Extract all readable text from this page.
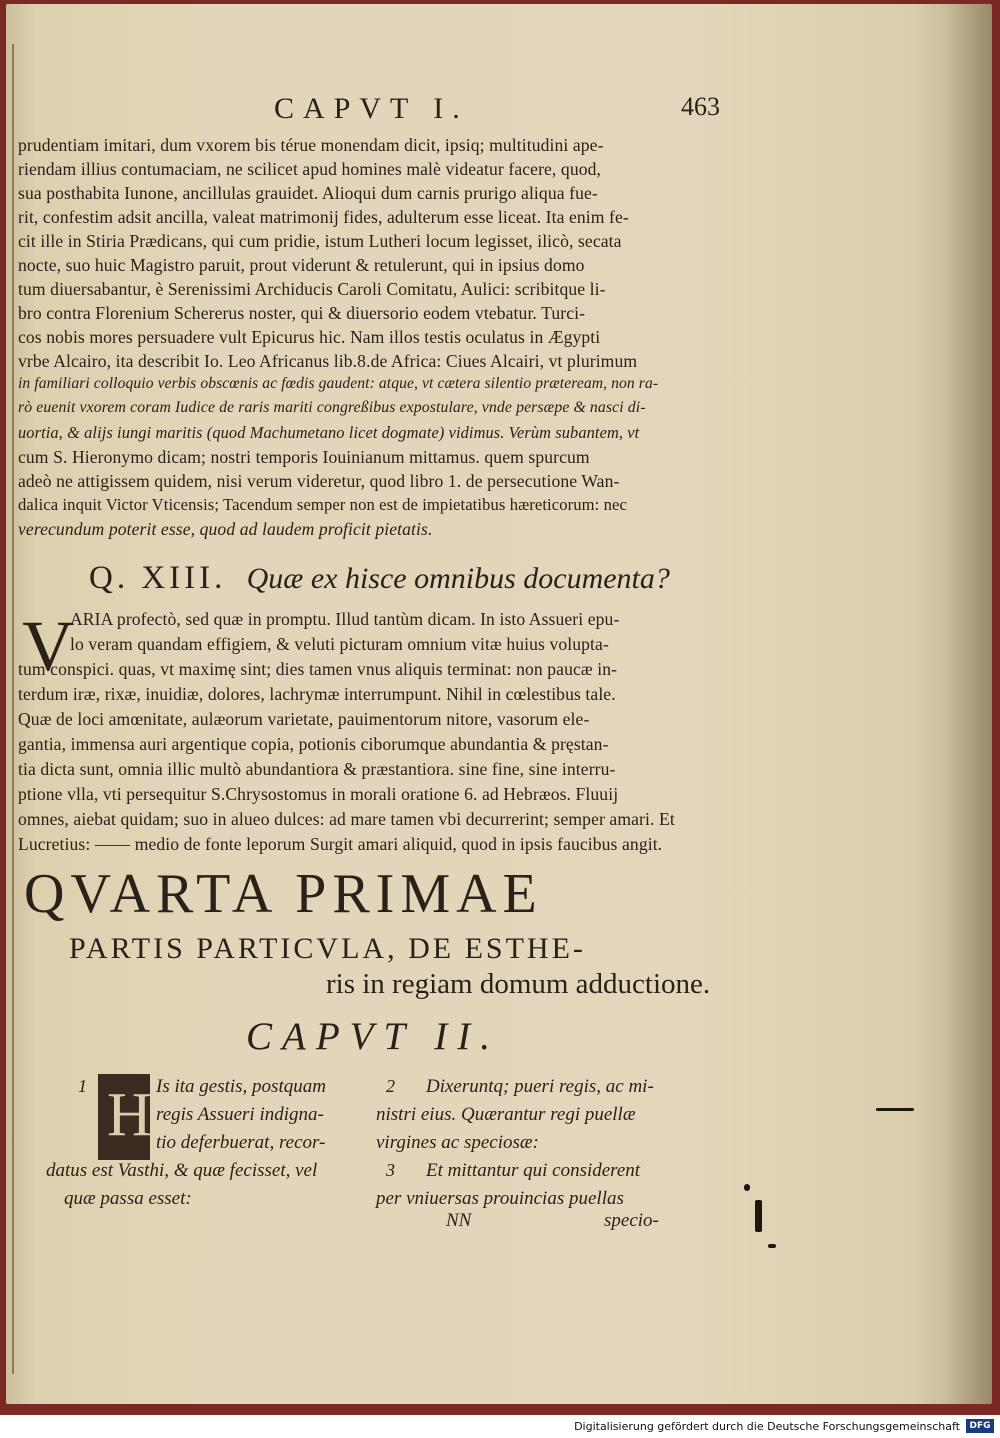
CAPVT I.	463
prudentiam imitari, dum vxorem bis térue monendam dicit, ipsiq; multitudini ape-
riendam illius contumaciam, ne scilicet apud homines malè videatur facere, quod,
sua posthabita Iunone, ancillulas grauidet. Alioqui dum carnis prurigo aliqua fue-
rit, confestim adsit ancilla, valeat matrimonij fides, adulterum esse liceat. Ita enim fe-
cit ille in Stiria Prædicans, qui cum pridie, istum Lutheri locum legisset, ilicò, secata
nocte, suo huic Magistro paruit, prout viderunt & retulerunt, qui in ipsius domo
tum diuersabantur, è Serenissimi Archiducis Caroli Comitatu, Aulici: scribitque li-
bro contra Florenium Schererus noster, qui & diuersorio eodem vtebatur. Turci-
cos nobis mores persuadere vult Epicurus hic. Nam illos testis oculatus in Ægypti
vrbe Alcairo, ita describit Io. Leo Africanus lib.8.de Africa: Ciues Alcairi, vt plurimum
in familiari colloquio verbis obscœnis ac fœdis gaudent: atque, vt cætera silentio præteream, non ra-
rò euenit vxorem coram Iudice de raris mariti congreßibus expostulare, vnde persæpe & nasci di-
uortia, & alijs iungi maritis (quod Machumetano licet dogmate) vidimus. Verùm subantem, vt
cum S. Hieronymo dicam; nostri temporis Iouinianum mittamus. quem spurcum
adeò ne attigissem quidem, nisi verum videretur, quod libro 1. de persecutione Wan-
dalica inquit Victor Vticensis; Tacendum semper non est de impietatibus hæreticorum: nec
verecundum poterit esse, quod ad laudem proficit pietatis.
Q. XIII. Quæ ex hisce omnibus documenta?
V
ARIA profectò, sed quæ in promptu. Illud tantùm dicam. In isto Assueri epu-
lo veram quandam effigiem, & veluti picturam omnium vitæ huius volupta-
tum conspici. quas, vt maximę sint; dies tamen vnus aliquis terminat: non paucæ in-
terdum iræ, rixæ, inuidiæ, dolores, lachrymæ interrumpunt. Nihil in cœlestibus tale.
Quæ de loci amœnitate, aulæorum varietate, pauimentorum nitore, vasorum ele-
gantia, immensa auri argentique copia, potionis ciborumque abundantia & pręstan-
tia dicta sunt, omnia illic multò abundantiora & præstantiora. sine fine, sine interru-
ptione vlla, vti persequitur S.Chrysostomus in morali oratione 6. ad Hebræos. Fluuij
omnes, aiebat quidam; suo in alueo dulces: ad mare tamen vbi decurrerint; semper amari. Et
Lucretius: —— medio de fonte leporum Surgit amari aliquid, quod in ipsis faucibus angit.
QVARTA PRIMAE
PARTIS PARTICVLA, DE ESTHE-
ris in regiam domum adductione.
CAPVT II.
1 H Is ita gestis, postquam
regis Assueri indigna-
tio deferbuerat, recor-
datus est Vasthi, & quæ fecisset, vel
quæ passa esset:
2 Dixeruntq; pueri regis, ac mi-
nistri eius. Quærantur regi puellæ
virgines ac speciosæ:
3 Et mittantur qui considerent
per vniuersas prouincias puellas
NN	specio-
Digitalisierung gefördert durch die Deutsche Forschungsgemeinschaft	DFG
